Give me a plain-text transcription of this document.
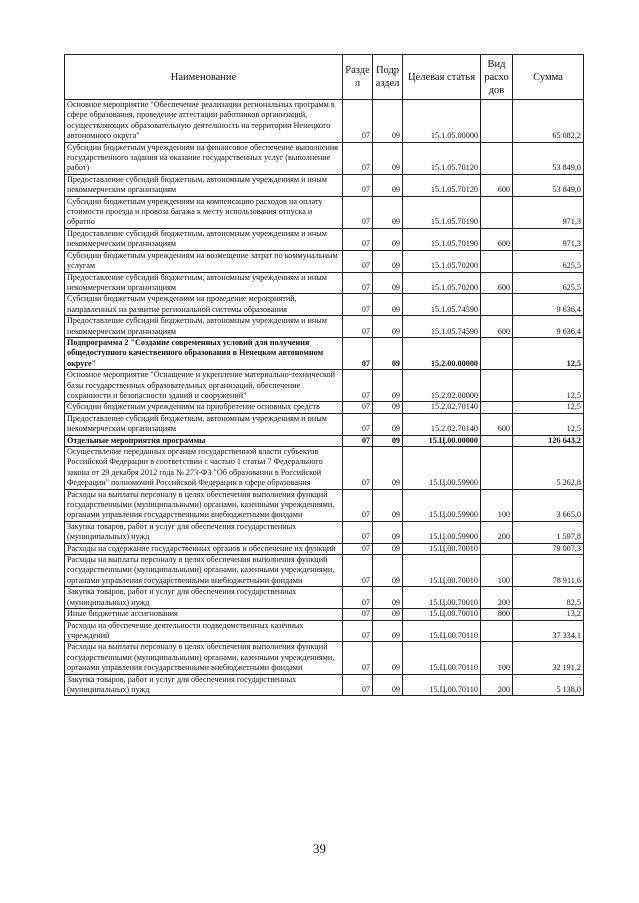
Наименование	Разде л	Подр аздел	Целевая статья	Вид расхо дов	Сумма
Основное мероприятие "Обеспечение реализации региональных программ в сфере образования, проведение аттестации работников организаций, осуществляющих образовательную деятельность на территории Ненецкого автономного округа"	07	09	15.1.05.00000		65 082,2
Субсидии бюджетным учреждениям на финансовое обеспечение выполнения государственного задания на оказание государственных услуг (выполнение работ)	07	09	15.1.05.70120		53 849,0
Предоставление субсидий бюджетным, автономным учреждениям и иным некоммерческим организациям	07	09	15.1.05.70120	600	53 849,0
Субсидии бюджетным учреждениям на компенсацию расходов на оплату стоимости проезда и провоза багажа к месту использования отпуска и обратно	07	09	15.1.05.70190		971,3
Предоставление субсидий бюджетным, автономным учреждениям и иным некоммерческим организациям	07	09	15.1.05.70190	600	971,3
Субсидии бюджетным учреждениям на возмещение затрат по коммунальным услугам	07	09	15.1.05.70200		625,5
Предоставление субсидий бюджетным, автономным учреждениям и иным некоммерческим организациям	07	09	15.1.05.70200	600	625,5
Субсидии бюджетным учреждениям на проведение мероприятий, направленных на развитие региональной системы образования	07	09	15.1.05.74590		9 636,4
Предоставление субсидий бюджетным, автономным учреждениям и иным некоммерческим организациям	07	09	15.1.05.74590	600	9 636,4
Подпрограмма 2 "Создание современных условий для получения общедоступного качественного образования в Ненецком автономном округе"	07	09	15.2.00.00000		12,5
Основное мероприятие "Оснащение и укрепление материально-технической базы государственных образовательных организаций, обеспечение сохранности и безопасности зданий и сооружений"	07	09	15.2.02.00000		12,5
Субсидии бюджетным учреждениям на приобретение основных средств	07	09	15.2.02.70140		12,5
Предоставление субсидий бюджетным, автономным учреждениям и иным некоммерческим организациям	07	09	15.2.02.70140	600	12,5
Отдельные мероприятия программы	07	09	15.Ц.00.00000		126 643,2
Осуществление переданных органам государственной власти субъектов Российской Федерации в соответствии с частью 1 статьи 7 Федерального закона от 29 декабря 2012 года № 273-ФЗ "Об образовании в Российской Федерации" полномочий Российской Федерации в сфере образования	07	09	15.Ц.00.59900		5 262,8
Расходы на выплаты персоналу в целях обеспечения выполнения функций государственными (муниципальными) органами, казенными учреждениями, органами управления государственными внебюджетными фондами	07	09	15.Ц.00.59900	100	3 665,0
Закупка товаров, работ и услуг для обеспечения государственных (муниципальных) нужд	07	09	15.Ц.00.59900	200	1 597,8
Расходы на содержание государственных органов и обеспечение их функций	07	09	15.Ц.00.70010		79 007,3
Расходы на выплаты персоналу в целях обеспечения выполнения функций государственными (муниципальными) органами, казенными учреждениями, органами управления государственными внебюджетными фондами	07	09	15.Ц.00.70010	100	78 911,6
Закупка товаров, работ и услуг для обеспечения государственных (муниципальных) нужд	07	09	15.Ц.00.70010	200	82,5
Иные бюджетные ассигнования	07	09	15.Ц.00.70010	800	13,2
Расходы на обеспечение деятельности подведомственных казённых учреждений	07	09	15.Ц.00.70110		37 334,1
Расходы на выплаты персоналу в целях обеспечения выполнения функций государственными (муниципальными) органами, казенными учреждениями, органами управления государственными внебюджетными фондами	07	09	15.Ц.00.70110	100	32 191,2
Закупка товаров, работ и услуг для обеспечения государственных (муниципальных) нужд	07	09	15.Ц.00.70110	200	5 138,0
39
